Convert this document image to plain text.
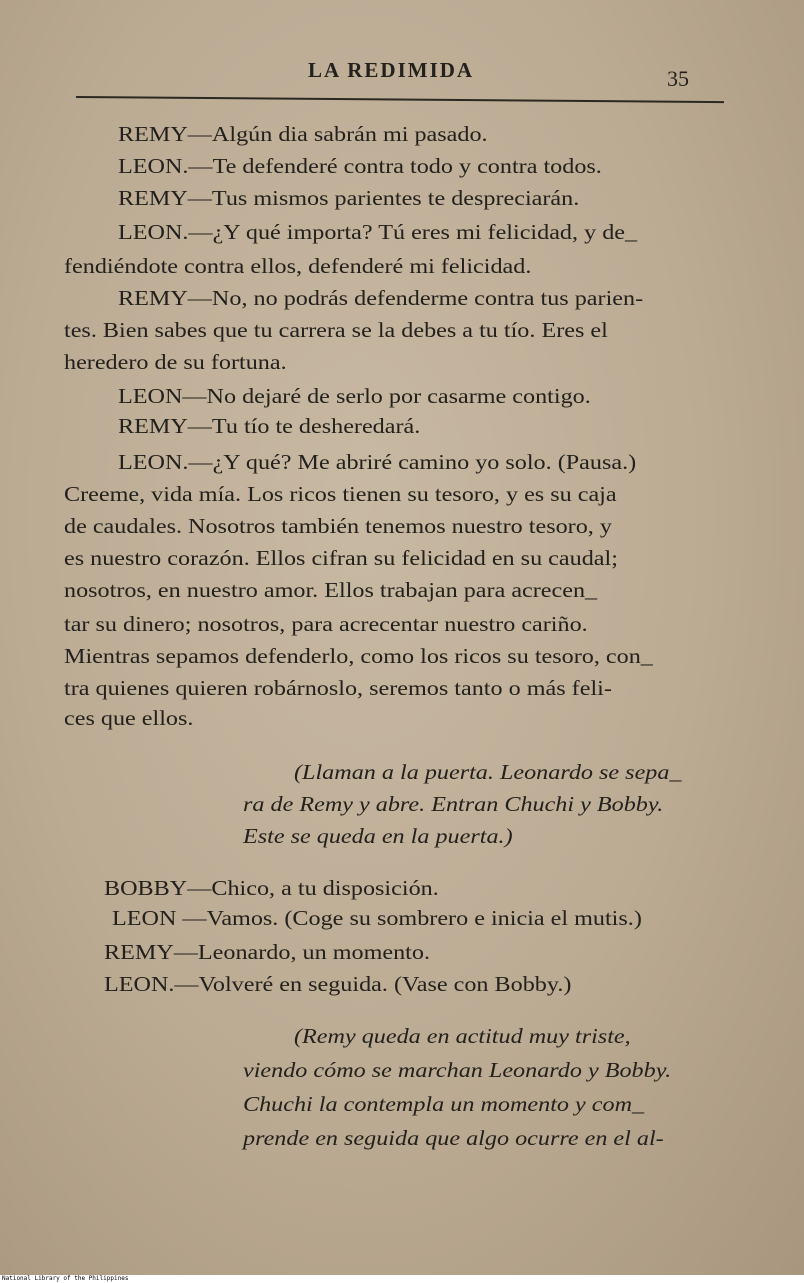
LA REDIMIDA	35
REMY—Algún dia sabrán mi pasado.
LEON.—Te defenderé contra todo y contra todos.
REMY—Tus mismos parientes te despreciarán.
LEON.—¿Y qué importa? Tú eres mi felicidad, y de_
fendiéndote contra ellos, defenderé mi felicidad.
REMY—No, no podrás defenderme contra tus parien-
tes. Bien sabes que tu carrera se la debes a tu tío. Eres el
heredero de su fortuna.
LEON—No dejaré de serlo por casarme contigo.
REMY—Tu tío te desheredará.
LEON.—¿Y qué? Me abriré camino yo solo. (Pausa.)
Creeme, vida mía. Los ricos tienen su tesoro, y es su caja
de caudales. Nosotros también tenemos nuestro tesoro, y
es nuestro corazón. Ellos cifran su felicidad en su caudal;
nosotros, en nuestro amor. Ellos trabajan para acrecen_
tar su dinero; nosotros, para acrecentar nuestro cariño.
Mientras sepamos defenderlo, como los ricos su tesoro, con_
tra quienes quieren robárnoslo, seremos tanto o más feli-
ces que ellos.
(Llaman a la puerta. Leonardo se sepa_
ra de Remy y abre. Entran Chuchi y Bobby.
Este se queda en la puerta.)
BOBBY—Chico, a tu disposición.
LEON —Vamos. (Coge su sombrero e inicia el mutis.)
REMY—Leonardo, un momento.
LEON.—Volveré en seguida. (Vase con Bobby.)
(Remy queda en actitud muy triste,
viendo cómo se marchan Leonardo y Bobby.
Chuchi la contempla un momento y com_
prende en seguida que algo ocurre en el al-
National Library of the Philippines
